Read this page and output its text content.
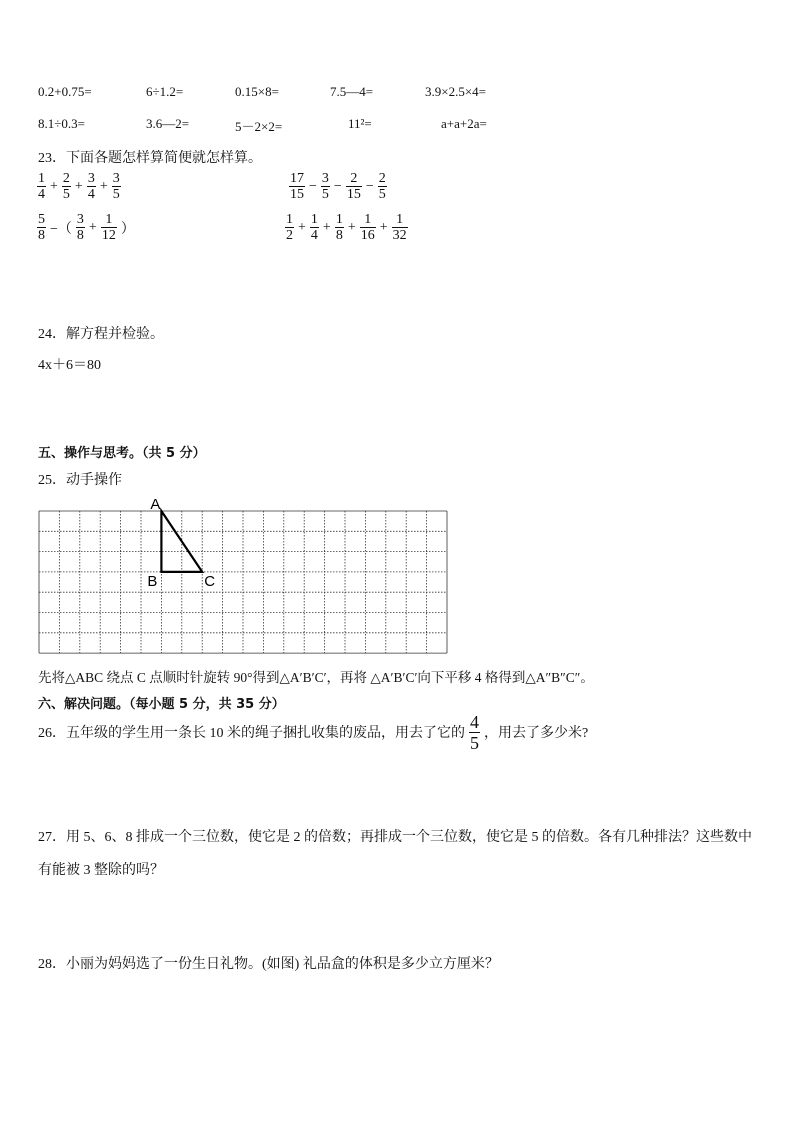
0.2+0.75=	6÷1.2=	0.15×8=	7.5—4=	3.9×2.5×4=
8.1÷0.3=	3.6—2=	5－2×2=	11²=	a+a+2a=
23．下面各题怎样算简便就怎样算。
$\frac{1}{4} + \frac{2}{5} + \frac{3}{4} + \frac{3}{5}$	$\frac{17}{15} - \frac{3}{5} - \frac{2}{15} - \frac{2}{5}$
$\frac{5}{8}$ −（ $\frac{3}{8} + \frac{1}{12}$ ）	$\frac{1}{2} + \frac{1}{4} + \frac{1}{8} + \frac{1}{16} + \frac{1}{32}$
24．解方程并检验。
4x＋6＝80
五、操作与思考。（共 5 分）
25．动手操作
A
B	C
先将△ABC 绕点 C 点顺时针旋转 90°得到△A′B′C′，再将 △A′B′C′向下平移 4 格得到△A″B″C″。
六、解决问题。（每小题 5 分，共 35 分）
26．五年级的学生用一条长 10 米的绳子捆扎收集的废品，用去了它的 $\frac{4}{5}$ ，用去了多少米?
27．用 5、6、8 排成一个三位数，使它是 2 的倍数；再排成一个三位数，使它是 5 的倍数。各有几种排法？这些数中
有能被 3 整除的吗？
28．小丽为妈妈选了一份生日礼物。(如图) 礼品盒的体积是多少立方厘米？
